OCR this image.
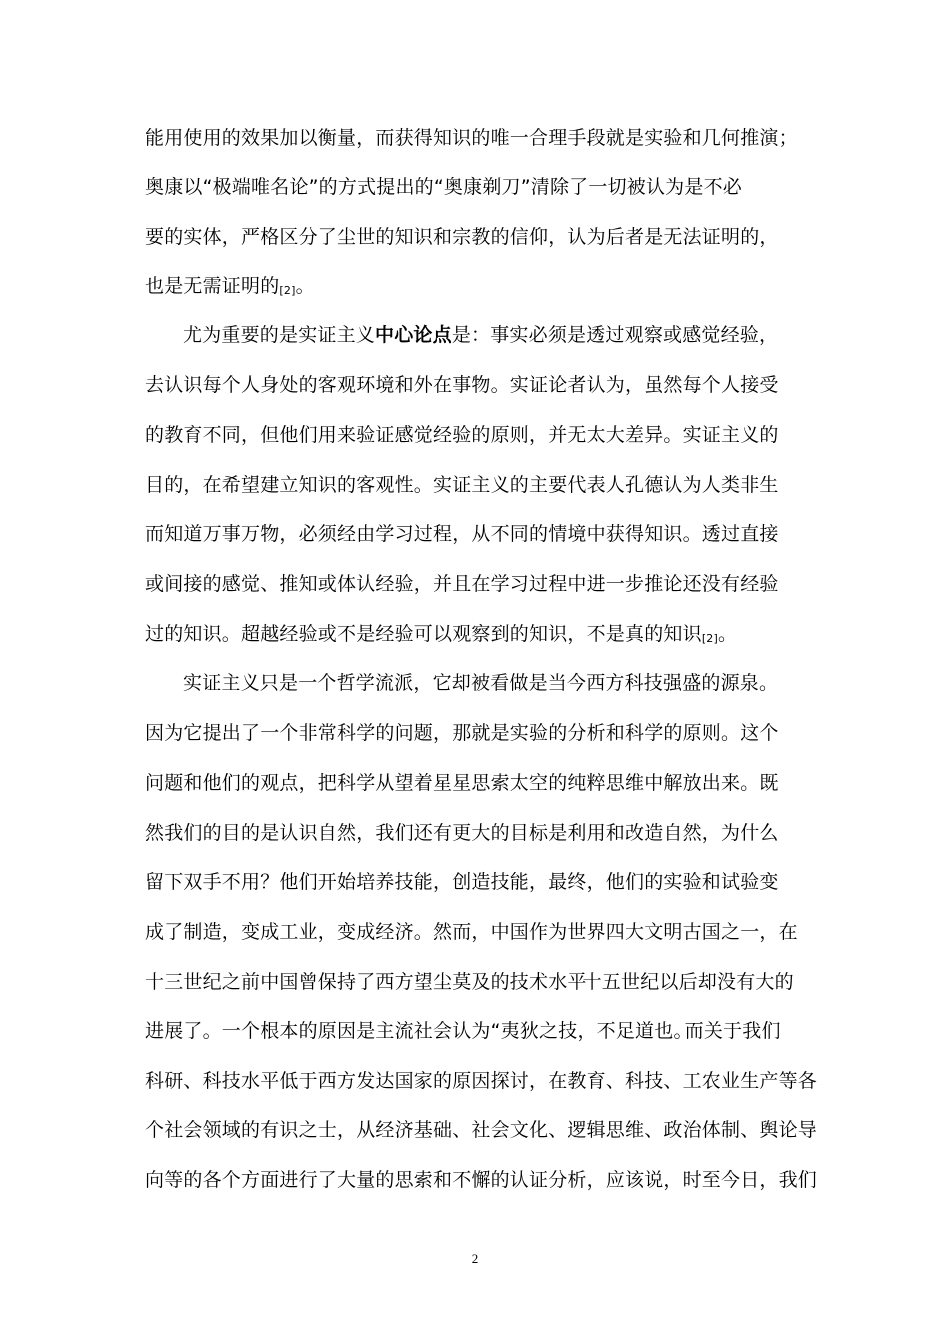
能用使用的效果加以衡量，而获得知识的唯一合理手段就是实验和几何推演；
奥康以“极端唯名论”的方式提出的“奥康剃刀”清除了一切被认为是不必
要的实体，严格区分了尘世的知识和宗教的信仰，认为后者是无法证明的，
也是无需证明的[2]。
尤为重要的是实证主义中心论点是：事实必须是透过观察或感觉经验，
去认识每个人身处的客观环境和外在事物。实证论者认为，虽然每个人接受
的教育不同，但他们用来验证感觉经验的原则，并无太大差异。实证主义的
目的，在希望建立知识的客观性。实证主义的主要代表人孔德认为人类非生
而知道万事万物，必须经由学习过程，从不同的情境中获得知识。透过直接
或间接的感觉、推知或体认经验，并且在学习过程中进一步推论还没有经验
过的知识。超越经验或不是经验可以观察到的知识，不是真的知识[2]。
实证主义只是一个哲学流派，它却被看做是当今西方科技强盛的源泉。
因为它提出了一个非常科学的问题，那就是实验的分析和科学的原则。这个
问题和他们的观点，把科学从望着星星思索太空的纯粹思维中解放出来。既
然我们的目的是认识自然，我们还有更大的目标是利用和改造自然，为什么
留下双手不用？他们开始培养技能，创造技能，最终，他们的实验和试验变
成了制造，变成工业，变成经济。然而，中国作为世界四大文明古国之一，在
十三世纪之前中国曾保持了西方望尘莫及的技术水平十五世纪以后却没有大的
进展了。一个根本的原因是主流社会认为“夷狄之技，不足道也。而关于我们
科研、科技水平低于西方发达国家的原因探讨，在教育、科技、工农业生产等各
个社会领域的有识之士，从经济基础、社会文化、逻辑思维、政治体制、舆论导
向等的各个方面进行了大量的思索和不懈的认证分析，应该说，时至今日，我们
2
